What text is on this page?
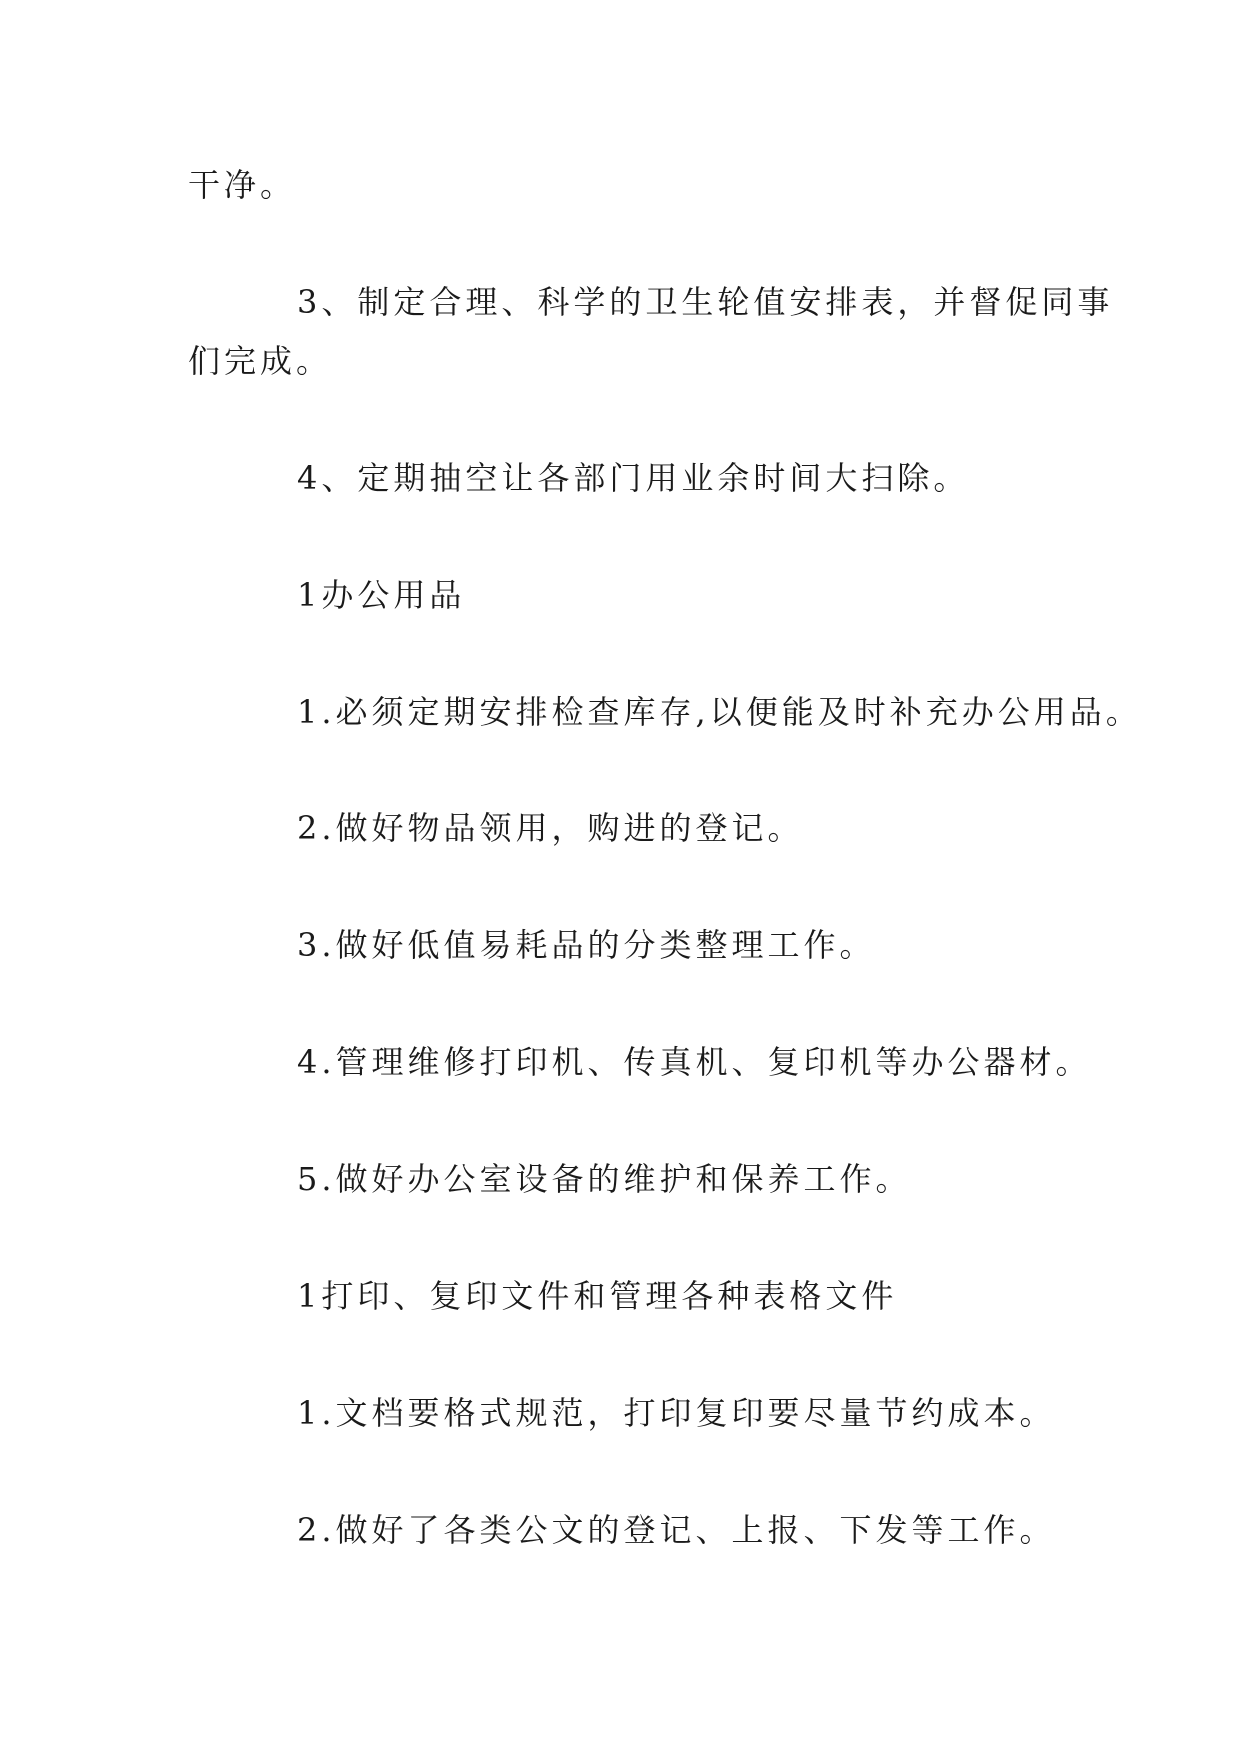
干净。
3、制定合理、科学的卫生轮值安排表，并督促同事
们完成。
4、定期抽空让各部门用业余时间大扫除。
1办公用品
1.必须定期安排检查库存,以便能及时补充办公用品。
2.做好物品领用，购进的登记。
3.做好低值易耗品的分类整理工作。
4.管理维修打印机、传真机、复印机等办公器材。
5.做好办公室设备的维护和保养工作。
1打印、复印文件和管理各种表格文件
1.文档要格式规范，打印复印要尽量节约成本。
2.做好了各类公文的登记、上报、下发等工作。
